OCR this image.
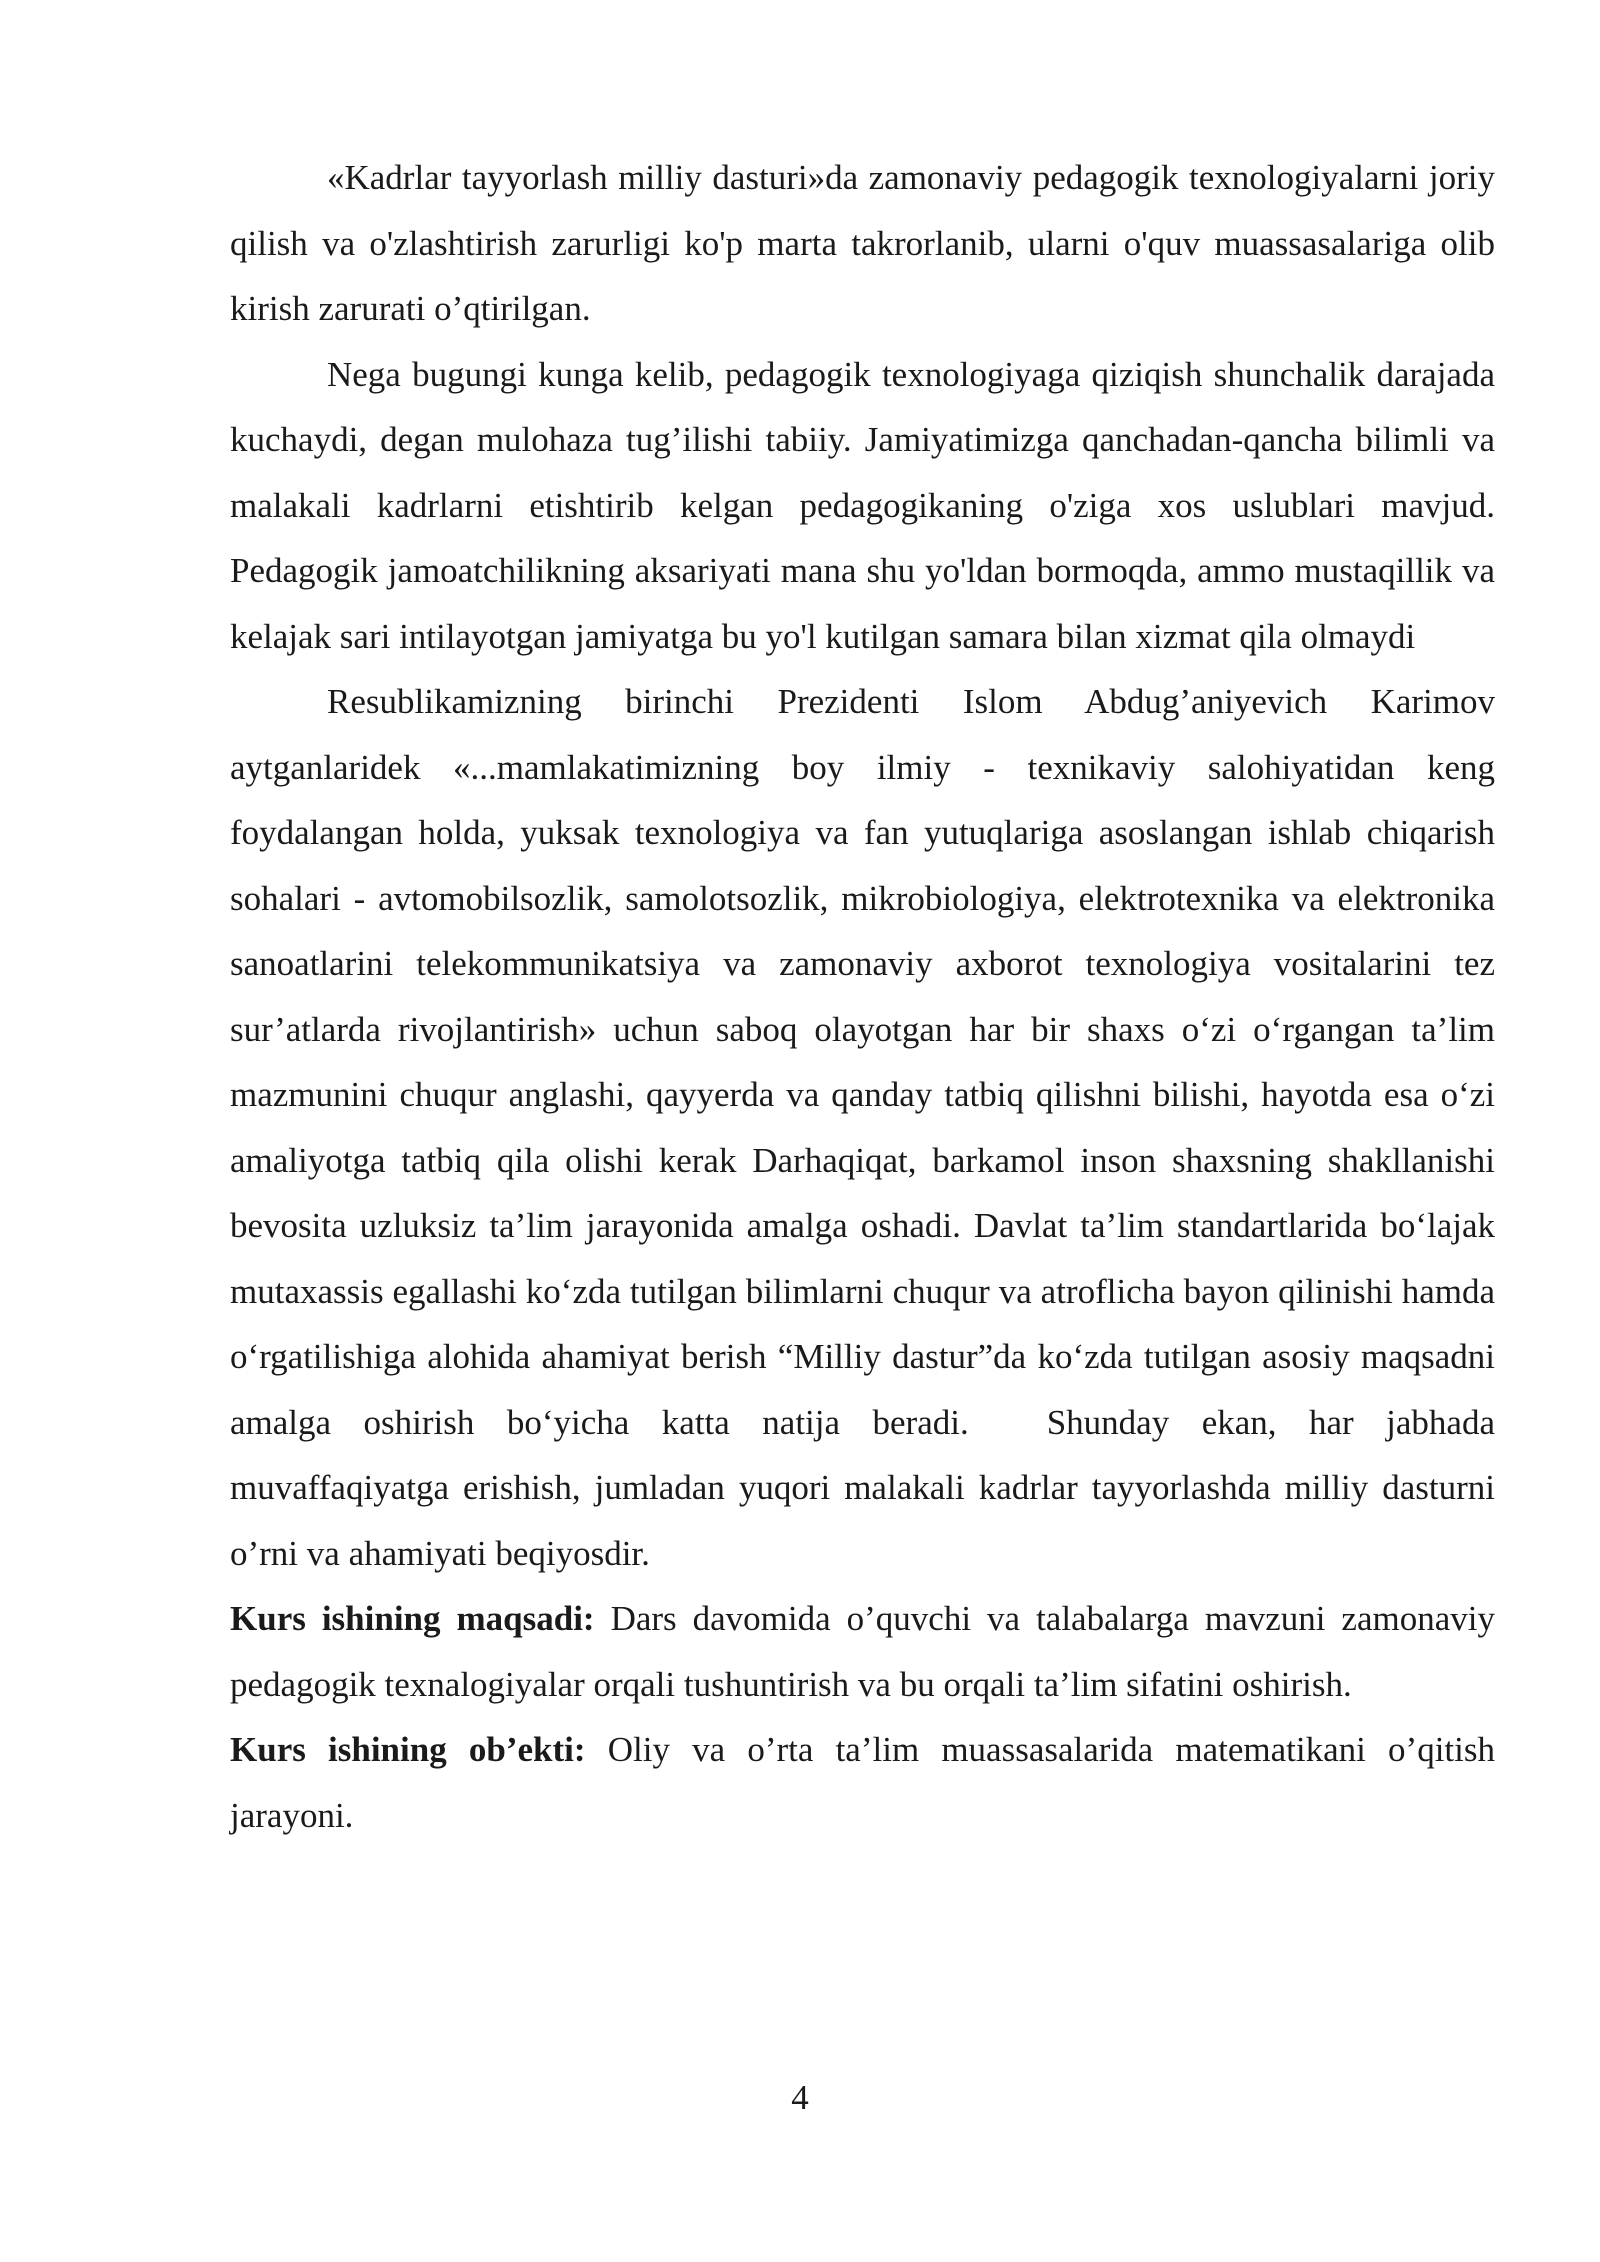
«Kadrlar tayyorlash milliy dasturi»da zamonaviy pedagogik texnologiyalarni joriy qilish va o'zlashtirish zarurligi ko'p marta takrorlanib, ularni o'quv muassasalariga olib kirish zarurati o’qtirilgan.

Nega bugungi kunga kelib, pedagogik texnologiyaga qiziqish shunchalik darajada kuchaydi, degan mulohaza tug’ilishi tabiiy. Jamiyatimizga qanchadan-qancha bilimli va malakali kadrlarni etishtirib kelgan pedagogikaning o'ziga xos uslublari mavjud. Pedagogik jamoatchilikning aksariyati mana shu yo'ldan bormoqda, ammo mustaqillik va kelajak sari intilayotgan jamiyatga bu yo'l kutilgan samara bilan xizmat qila olmaydi

Resublikamizning birinchi Prezidenti Islom Abdug’aniyevich Karimov aytganlaridek «...mamlakatimizning boy ilmiy - texnikaviy salohiyatidan keng foydalangan holda, yuksak texnologiya va fan yutuqlariga asoslangan ishlab chiqarish sohalari - avtomobilsozlik, samolotsozlik, mikrobiologiya, elektrotexnika va elektronika sanoatlarini telekommunikatsiya va zamonaviy axborot texnologiya vositalarini tez sur’atlarda rivojlantirish» uchun saboq olayotgan har bir shaxs o‘zi o‘rgangan ta’lim mazmunini chuqur anglashi, qayyerda va qanday tatbiq qilishni bilishi, hayotda esa o‘zi amaliyotga tatbiq qila olishi kerak Darhaqiqat, barkamol inson shaxsning shakllanishi bevosita uzluksiz ta’lim jarayonida amalga oshadi. Davlat ta’lim standartlarida bo‘lajak mutaxassis egallashi ko‘zda tutilgan bilimlarni chuqur va atroflicha bayon qilinishi hamda o‘rgatilishiga alohida ahamiyat berish “Milliy dastur”da ko‘zda tutilgan asosiy maqsadni amalga oshirish bo‘yicha katta natija beradi. Shunday ekan, har jabhada muvaffaqiyatga erishish, jumladan yuqori malakali kadrlar tayyorlashda milliy dasturni o’rni va ahamiyati beqiyosdir.

Kurs ishining maqsadi: Dars davomida o’quvchi va talabalarga mavzuni zamonaviy pedagogik texnalogiyalar orqali tushuntirish va bu orqali ta’lim sifatini oshirish.

Kurs ishining ob’ekti: Oliy va o’rta ta’lim muassasalarida matematikani o’qitish jarayoni.

4
